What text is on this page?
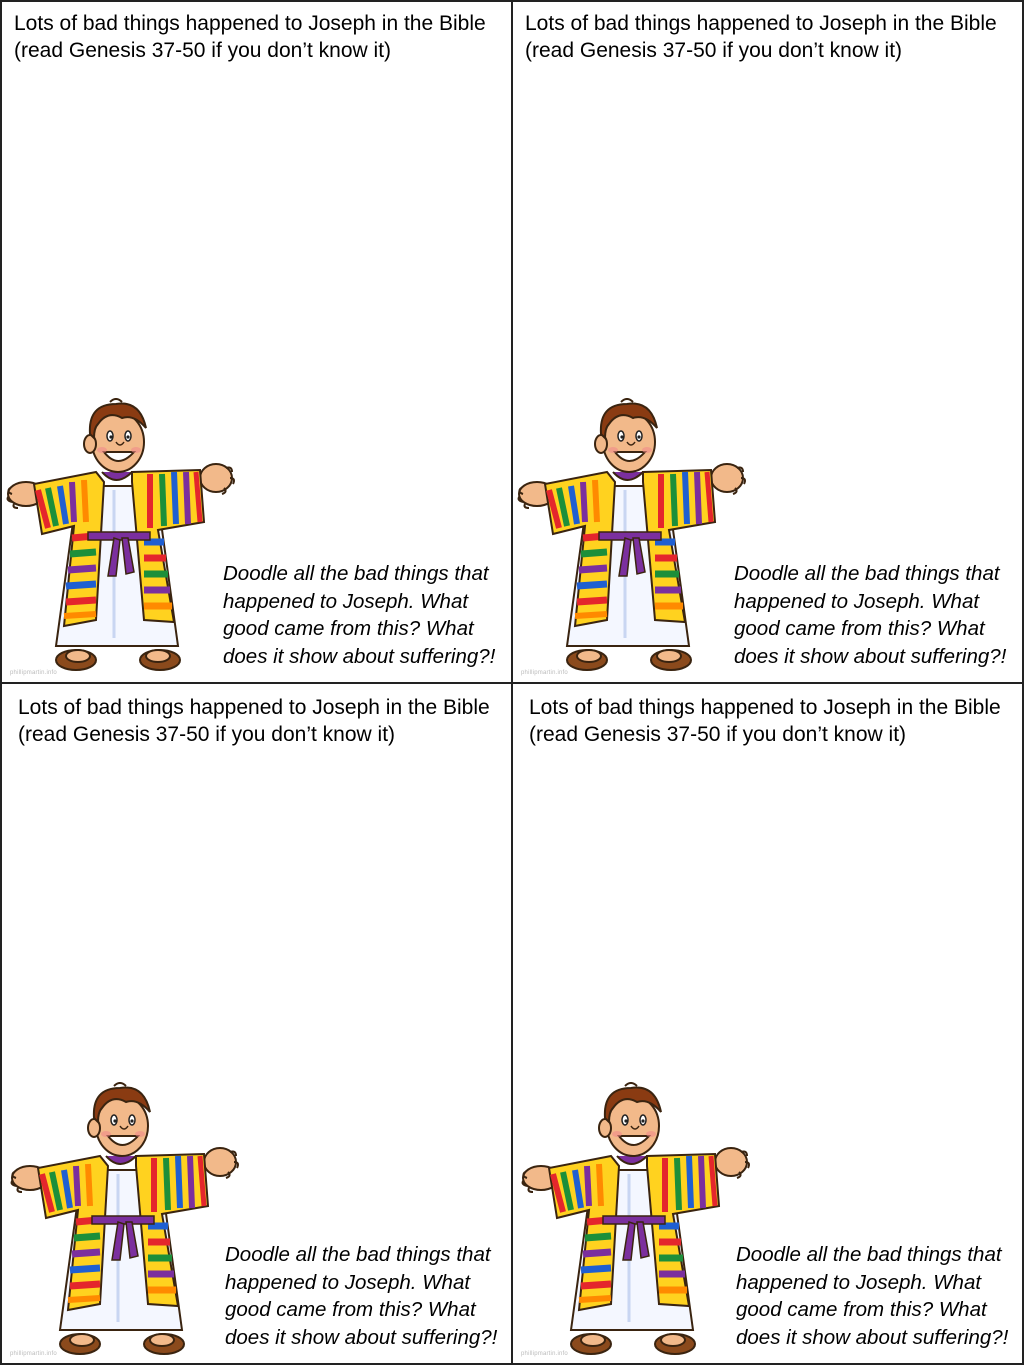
Lots of bad things happened to Joseph in the Bible
(read Genesis 37-50 if you don’t know it)
phillipmartin.info
Doodle all the bad things that
happened to Joseph. What
good came from this? What
does it show about suffering?!
Lots of bad things happened to Joseph in the Bible
(read Genesis 37-50 if you don’t know it)
phillipmartin.info
Doodle all the bad things that
happened to Joseph. What
good came from this? What
does it show about suffering?!
Lots of bad things happened to Joseph in the Bible
(read Genesis 37-50 if you don’t know it)
phillipmartin.info
Doodle all the bad things that
happened to Joseph. What
good came from this? What
does it show about suffering?!
Lots of bad things happened to Joseph in the Bible
(read Genesis 37-50 if you don’t know it)
phillipmartin.info
Doodle all the bad things that
happened to Joseph. What
good came from this? What
does it show about suffering?!
